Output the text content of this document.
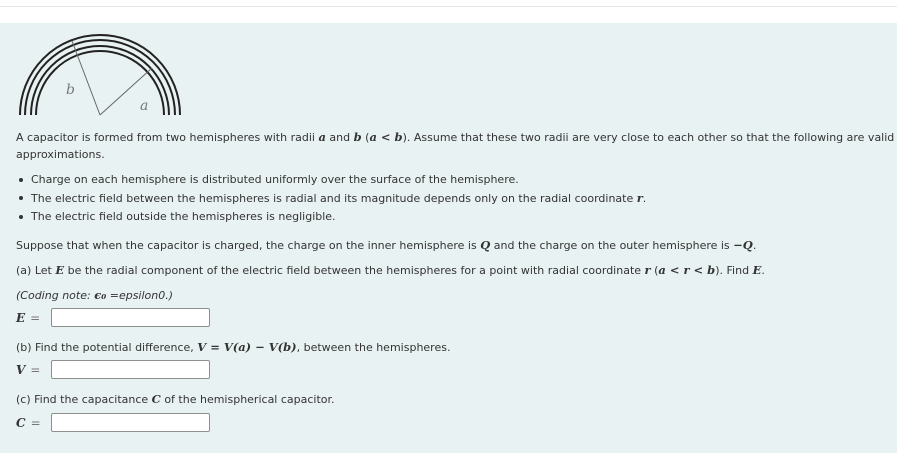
b
a
A capacitor is formed from two hemispheres with radii a and b (a < b). Assume that these two radii are very close to each other so that the following are valid
approximations.
Charge on each hemisphere is distributed uniformly over the surface of the hemisphere.
The electric field between the hemispheres is radial and its magnitude depends only on the radial coordinate r.
The electric field outside the hemispheres is negligible.
Suppose that when the capacitor is charged, the charge on the inner hemisphere is Q and the charge on the outer hemisphere is −Q.
(a) Let E be the radial component of the electric field between the hemispheres for a point with radial coordinate r (a < r < b). Find E.
(Coding note: ϵ₀ =epsilon0.)
E =
(b) Find the potential difference, V = V(a) − V(b), between the hemispheres.
V =
(c) Find the capacitance C of the hemispherical capacitor.
C =
